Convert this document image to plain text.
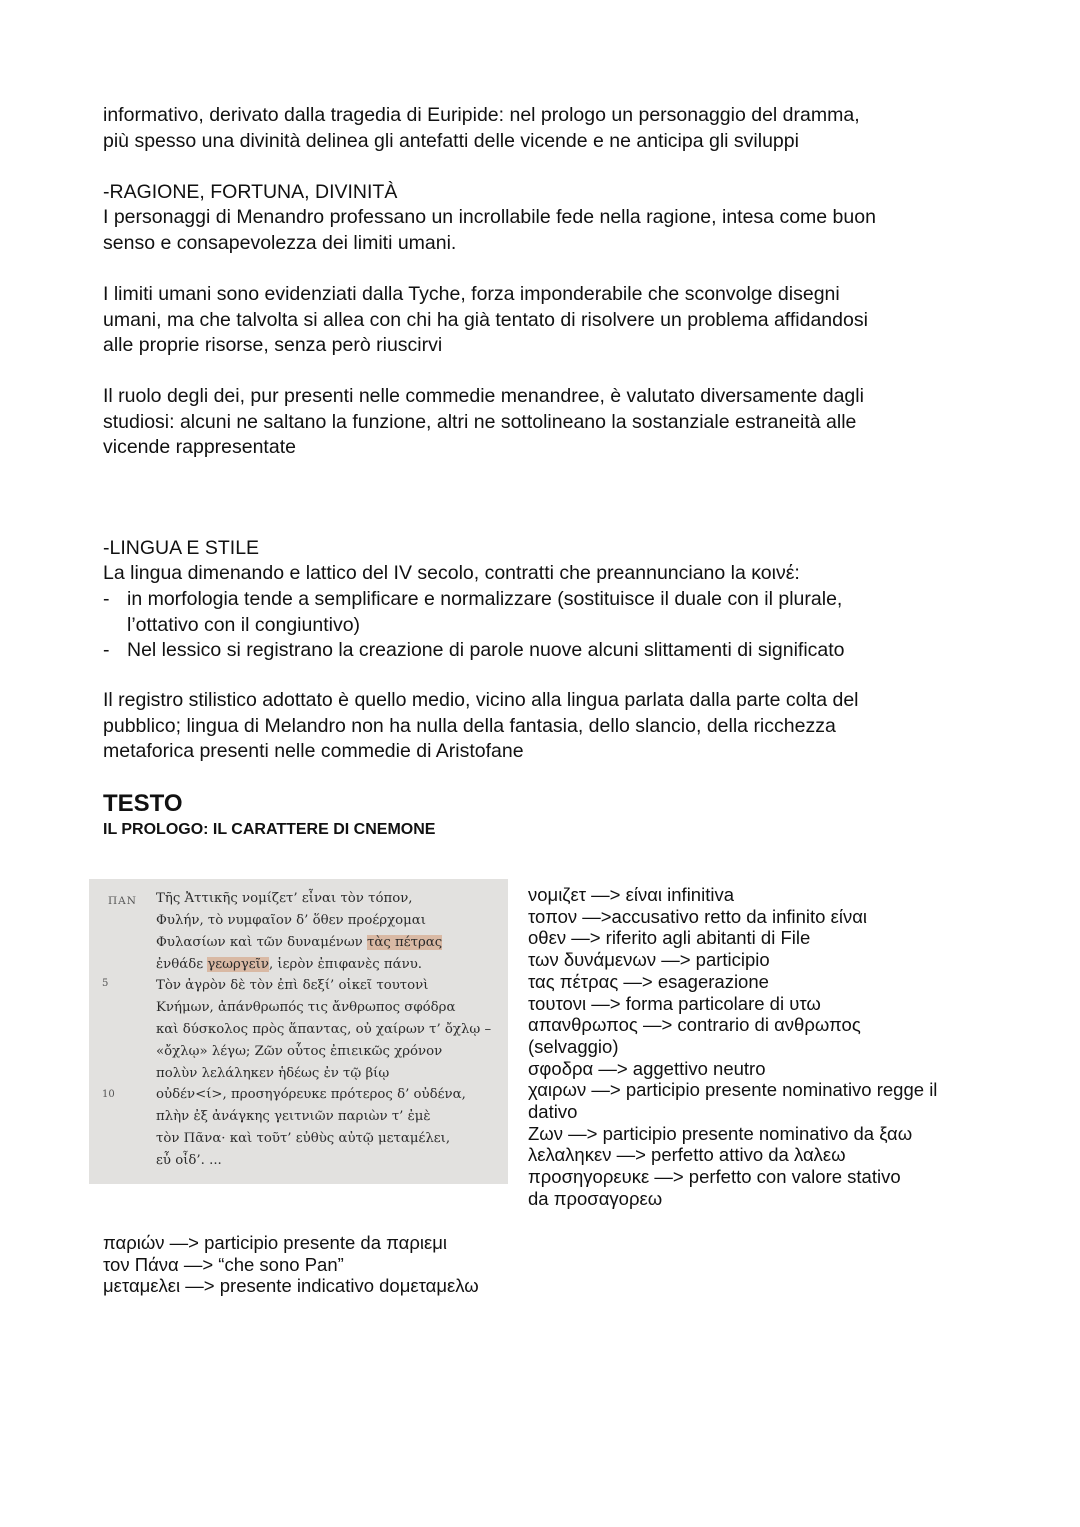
informativo, derivato dalla tragedia di Euripide: nel prologo un personaggio del dramma,
più spesso una divinità delinea gli antefatti delle vicende e ne anticipa gli sviluppi

-RAGIONE, FORTUNA, DIVINITÀ

I personaggi di Menandro professano un incrollabile fede nella ragione, intesa come buon
senso e consapevolezza dei limiti umani.

I limiti umani sono evidenziati dalla Tyche, forza imponderabile che sconvolge disegni
umani, ma che talvolta si allea con chi ha già tentato di risolvere un problema affidandosi
alle proprie risorse, senza però riuscirvi

Il ruolo degli dei, pur presenti nelle commedie menandree, è valutato diversamente dagli
studiosi: alcuni ne saltano la funzione, altri ne sottolineano la sostanziale estraneità alle
vicende rappresentate

-LINGUA E STILE

La lingua dimenando e lattico del IV secolo, contratti che preannunciano la κοινέ:

- in morfologia tende a semplificare e normalizzare (sostituisce il duale con il plurale,
l’ottativo con il congiuntivo)
- Nel lessico si registrano la creazione di parole nuove alcuni slittamenti di significato

Il registro stilistico adottato è quello medio, vicino alla lingua parlata dalla parte colta del
pubblico; lingua di Melandro non ha nulla della fantasia, dello slancio, della ricchezza
metaforica presenti nelle commedie di Aristofane

TESTO
IL PROLOGO: IL CARATTERE DI CNEMONE
ΠΑΝ
5
10
Τῆς Ἀττικῆς νομίζετ’ εἶναι τὸν τόπον,
Φυλήν, τὸ νυμφαῖον δ’ ὅθεν προέρχομαι
Φυλασίων καὶ τῶν δυναμένων τὰς πέτρας
ἐνθάδε γεωργεῖν, ἱερὸν ἐπιφανὲς πάνυ.
Τὸν ἀγρὸν δὲ τὸν ἐπὶ δεξί’ οἰκεῖ τουτονὶ
Κνήμων, ἀπάνθρωπός τις ἄνθρωπος σφόδρα
καὶ δύσκολος πρὸς ἅπαντας, οὐ χαίρων τ’ ὄχλῳ –
«ὄχλῳ» λέγω; Ζῶν οὗτος ἐπιεικῶς χρόνον
πολὺν λελάληκεν ἡδέως ἐν τῷ βίῳ
οὐδέν<ί>, προσηγόρευκε πρότερος δ’ οὐδένα,
πλὴν ἐξ ἀνάγκης γειτνιῶν παριὼν τ’ ἐμὲ
τὸν Πᾶνα· καὶ τοῦτ’ εὐθὺς αὐτῷ μεταμέλει,
εὖ οἶδ’. ...
νομιζετ —> είναι infinitiva
τοπον —>accusativo retto da infinito είναι
οθεν —> riferito agli abitanti di File
των δυνάμενων —> participio
τας πέτρας —> esagerazione
τουτονι —> forma particolare di υτω
απανθρωπος —> contrario di ανθρωπος
(selvaggio)
σφοδρα —> aggettivo neutro
χαιρων —> participio presente nominativo regge il
dativo
Ζων —> participio presente nominativo da ξαω
λελαληκεν —> perfetto attivo da λαλεω
προσηγορευκε —> perfetto con valore stativo
da προσαγορεω
παριών —> participio presente da παριεμι
τον Πάνα —> “che sono Pan”
μεταμελει —> presente indicativo doμεταμελω
